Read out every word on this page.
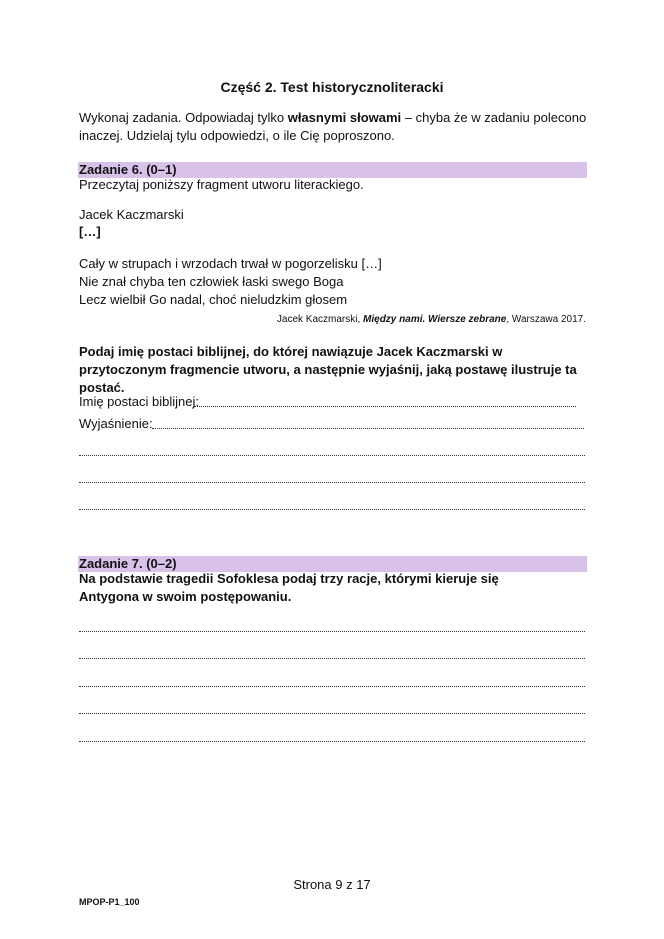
Część 2. Test historycznoliteracki
Wykonaj zadania. Odpowiadaj tylko własnymi słowami – chyba że w zadaniu polecono inaczej. Udzielaj tylu odpowiedzi, o ile Cię poproszono.
Zadanie 6. (0–1)
Przeczytaj poniższy fragment utworu literackiego.
Jacek Kaczmarski
[…]
Cały w strupach i wrzodach trwał w pogorzelisku […]
Nie znał chyba ten człowiek łaski swego Boga
Lecz wielbił Go nadal, choć nieludzkim głosem
Jacek Kaczmarski, Między nami. Wiersze zebrane, Warszawa 2017.
Podaj imię postaci biblijnej, do której nawiązuje Jacek Kaczmarski w przytoczonym fragmencie utworu, a następnie wyjaśnij, jaką postawę ilustruje ta postać.
Imię postaci biblijnej:
Wyjaśnienie:
Zadanie 7. (0–2)
Na podstawie tragedii Sofoklesa podaj trzy racje, którymi kieruje się Antygona w swoim postępowaniu.
Strona 9 z 17
MPOP-P1_100
